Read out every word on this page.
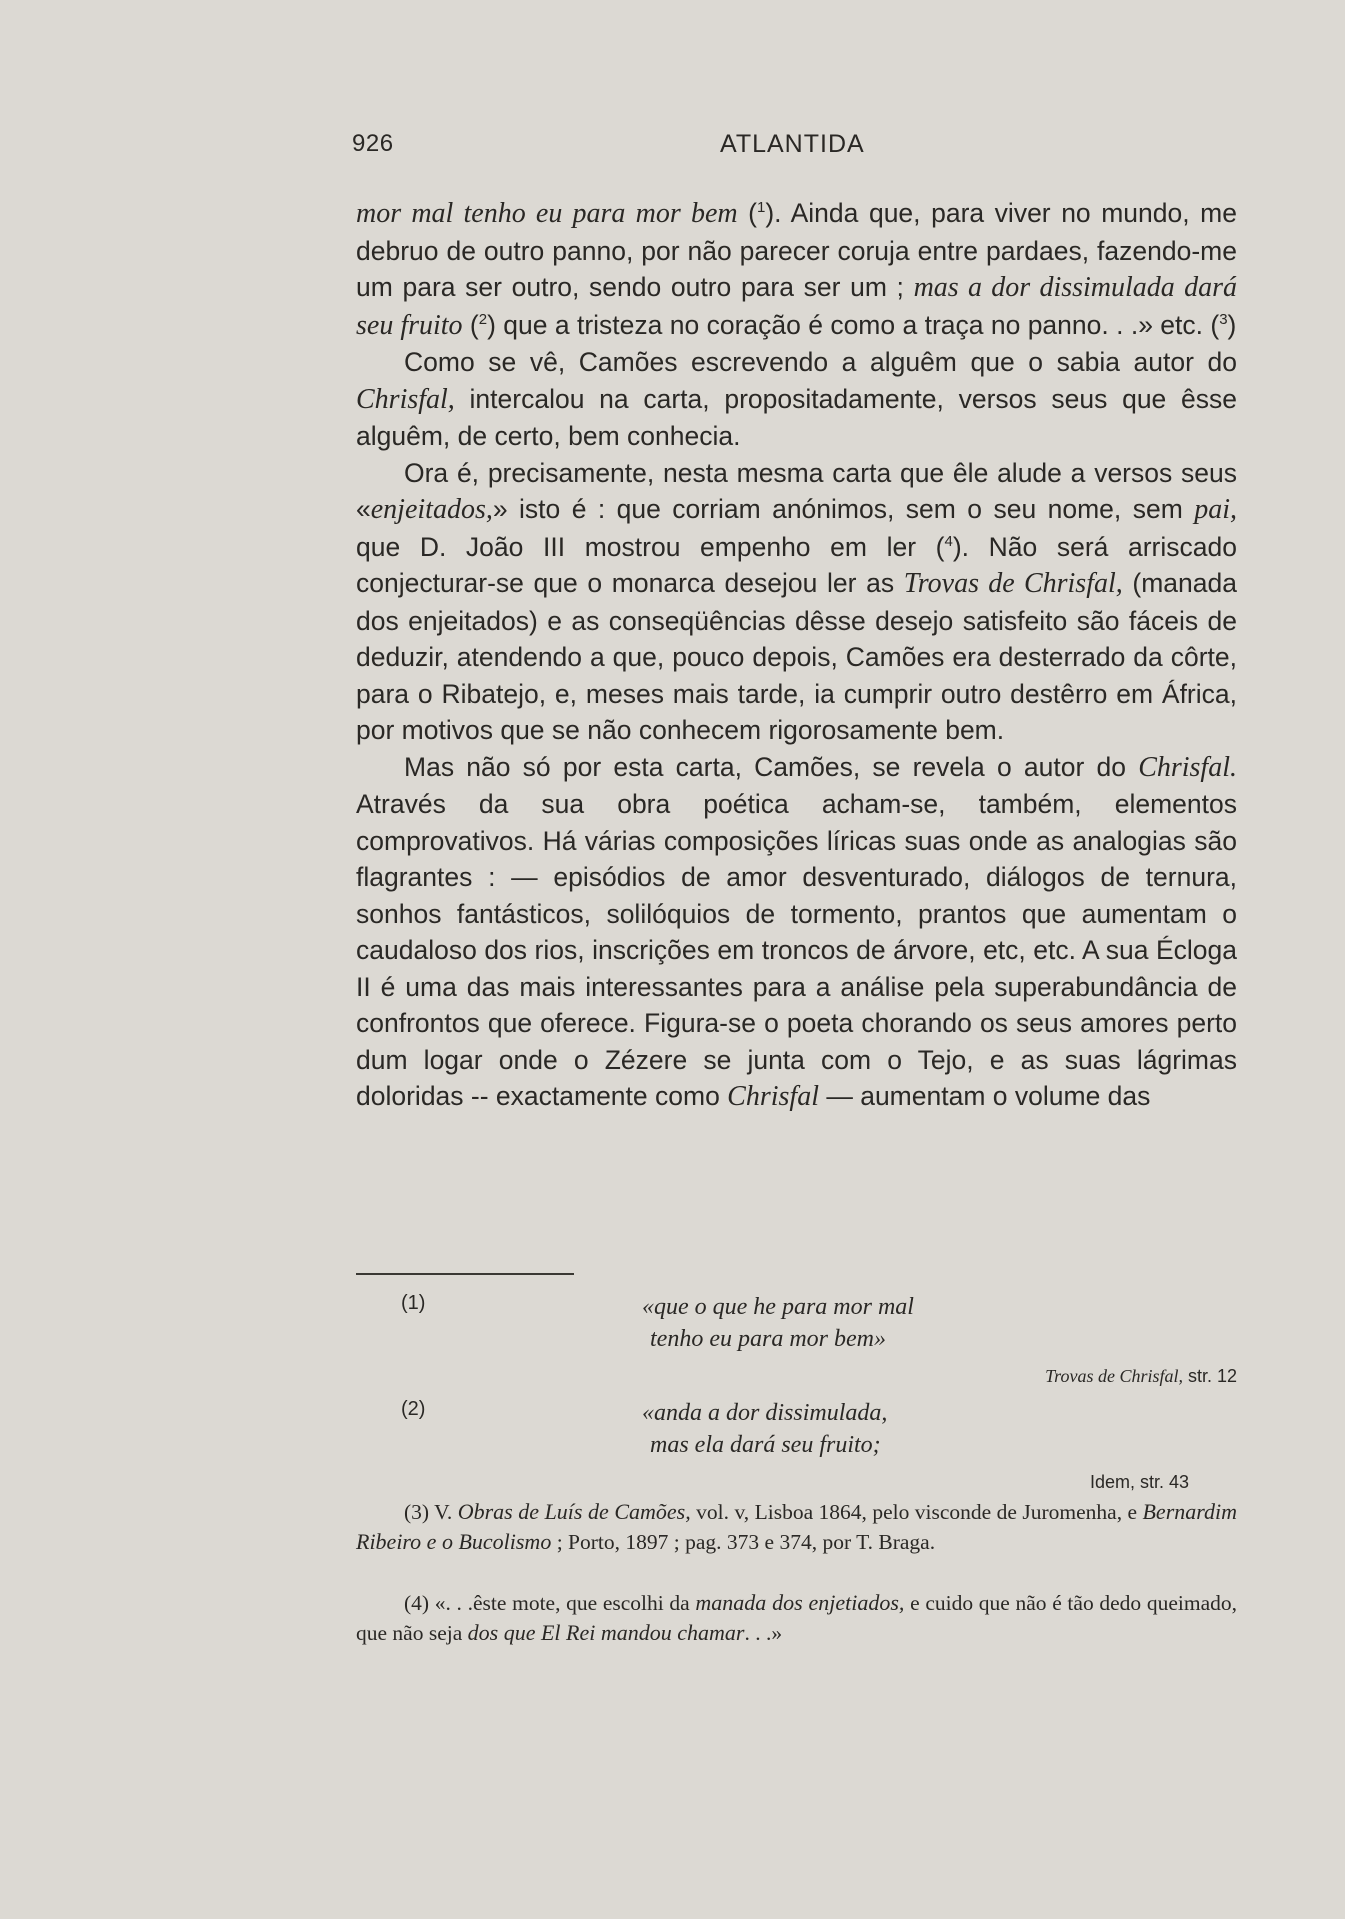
926	ATLANTIDA

mor mal tenho eu para mor bem ($^1$). Ainda que, para viver no mundo, me debruo de outro panno, por não parecer coruja entre pardaes, fazendo-me um para ser outro, sendo outro para ser um ; mas a dor dissimulada dará seu fruito ($^2$) que a tristeza no coração é como a traça no panno. . .» etc. ($^3$)

Como se vê, Camões escrevendo a alguêm que o sabia autor do Chrisfal, intercalou na carta, propositadamente, versos seus que êsse alguêm, de certo, bem conhecia.

Ora é, precisamente, nesta mesma carta que êle alude a versos seus «enjeitados,» isto é : que corriam anónimos, sem o seu nome, sem pai, que D. João III mostrou empenho em ler ($^4$). Não será arriscado conjecturar-se que o monarca desejou ler as Trovas de Chrisfal, (manada dos enjeitados) e as conseqüências dêsse desejo satisfeito são fáceis de deduzir, atendendo a que, pouco depois, Camões era desterrado da côrte, para o Ribatejo, e, meses mais tarde, ia cumprir outro destêrro em África, por motivos que se não conhecem rigorosamente bem.

Mas não só por esta carta, Camões, se revela o autor do Chrisfal. Através da sua obra poética acham-se, também, elementos comprovativos. Há várias composições líricas suas onde as analogias são flagrantes : — episódios de amor desventurado, diálogos de ternura, sonhos fantásticos, solilóquios de tormento, prantos que aumentam o caudaloso dos rios, inscrições em troncos de árvore, etc, etc. A sua Écloga II é uma das mais interessantes para a análise pela superabundância de confrontos que oferece. Figura-se o poeta chorando os seus amores perto dum logar onde o Zézere se junta com o Tejo, e as suas lágrimas doloridas -- exactamente como Chrisfal — aumentam o volume das

(1)	«que o que he para mor mal
tenho eu para mor bem»
Trovas de Chrisfal, str. 12
(2)	«anda a dor dissimulada,
mas ela dará seu fruito;
Idem, str. 43

(3) V. Obras de Luís de Camões, vol. v, Lisboa 1864, pelo visconde de Juromenha, e Bernardim Ribeiro e o Bucolismo ; Porto, 1897 ; pag. 373 e 374, por T. Braga.

(4) «. . .êste mote, que escolhi da manada dos enjetiados, e cuido que não é tão dedo queimado, que não seja dos que El Rei mandou chamar. . .»
